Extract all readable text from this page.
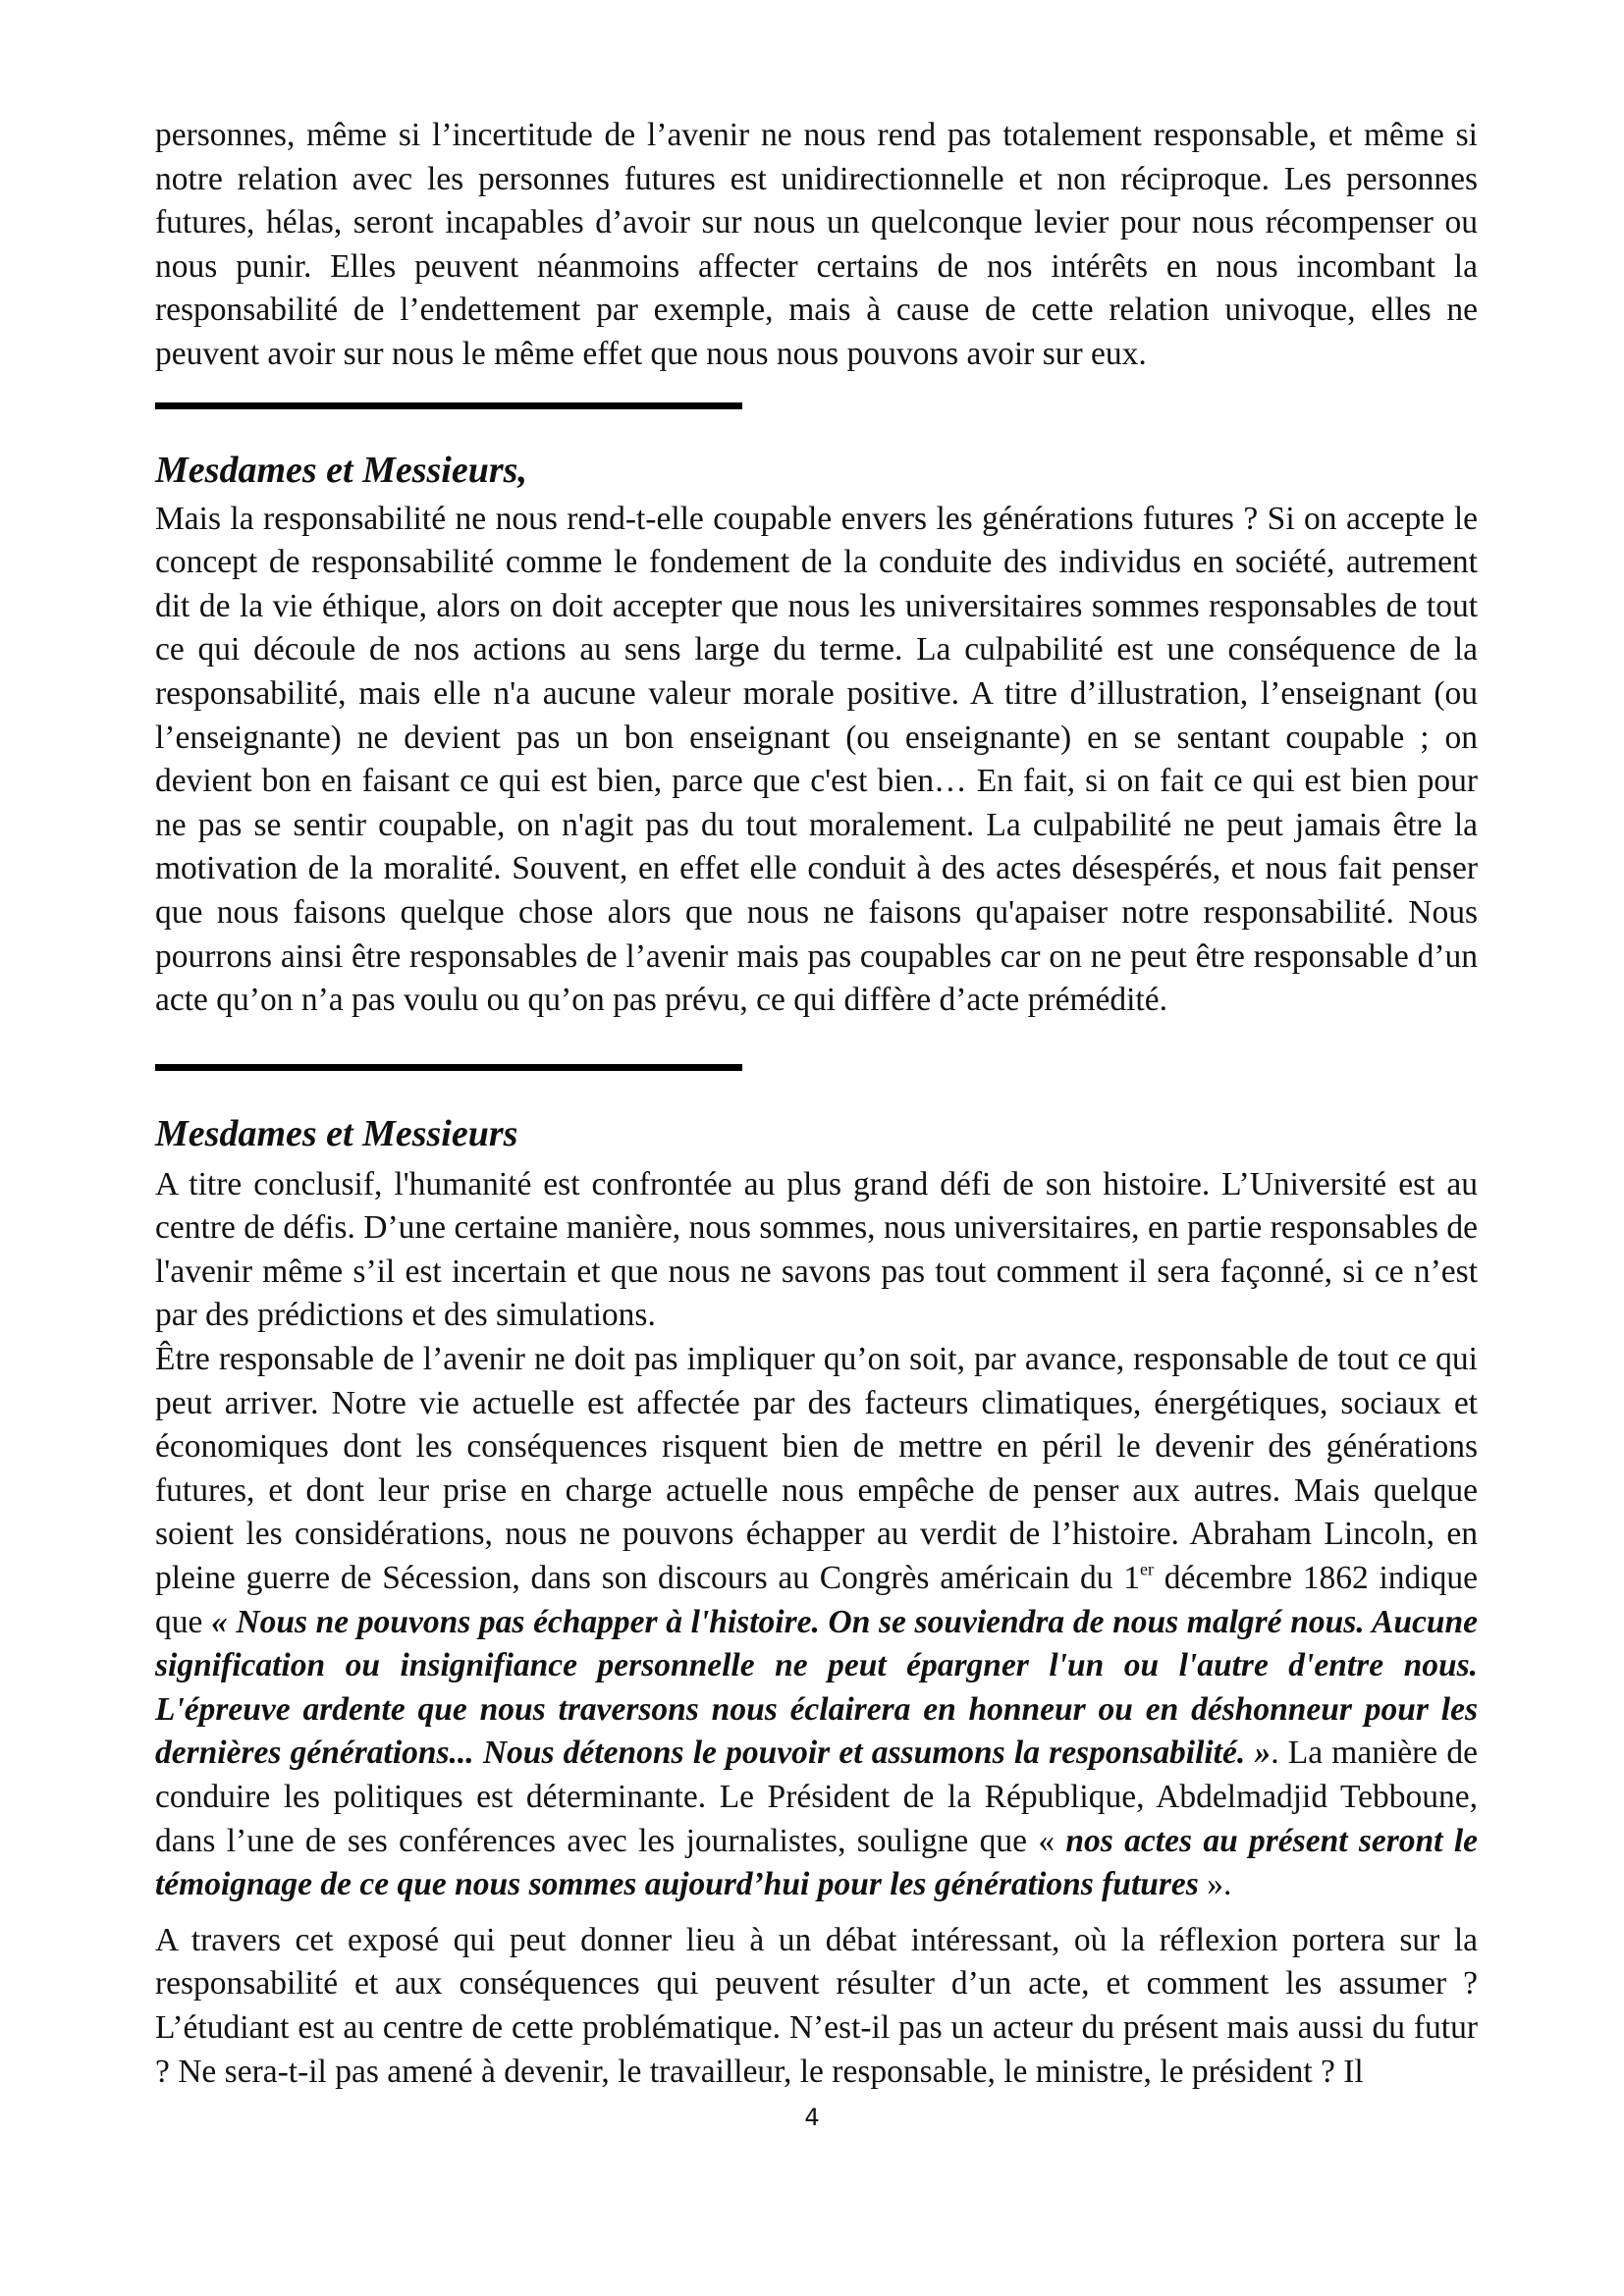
personnes, même si l’incertitude de l’avenir ne nous rend pas totalement responsable, et même si notre relation avec les personnes futures est unidirectionnelle et non réciproque. Les personnes futures, hélas, seront incapables d’avoir sur nous un quelconque levier pour nous récompenser ou nous punir. Elles peuvent néanmoins affecter certains de nos intérêts en nous incombant la responsabilité de l’endettement par exemple, mais à cause de cette relation univoque, elles ne peuvent avoir sur nous le même effet que nous nous pouvons avoir sur eux.

Mesdames et Messieurs,

Mais la responsabilité ne nous rend-t-elle coupable envers les générations futures ? Si on accepte le concept de responsabilité comme le fondement de la conduite des individus en société, autrement dit de la vie éthique, alors on doit accepter que nous les universitaires sommes responsables de tout ce qui découle de nos actions au sens large du terme. La culpabilité est une conséquence de la responsabilité, mais elle n'a aucune valeur morale positive. A titre d’illustration, l’enseignant (ou l’enseignante) ne devient pas un bon enseignant (ou enseignante) en se sentant coupable ; on devient bon en faisant ce qui est bien, parce que c'est bien… En fait, si on fait ce qui est bien pour ne pas se sentir coupable, on n'agit pas du tout moralement. La culpabilité ne peut jamais être la motivation de la moralité. Souvent, en effet elle conduit à des actes désespérés, et nous fait penser que nous faisons quelque chose alors que nous ne faisons qu'apaiser notre responsabilité. Nous pourrons ainsi être responsables de l’avenir mais pas coupables car on ne peut être responsable d’un acte qu’on n’a pas voulu ou qu’on pas prévu, ce qui diffère d’acte prémédité.

Mesdames et Messieurs

A titre conclusif, l'humanité est confrontée au plus grand défi de son histoire. L’Université est au centre de défis. D’une certaine manière, nous sommes, nous universitaires, en partie responsables de l'avenir même s’il est incertain et que nous ne savons pas tout comment il sera façonné, si ce n’est par des prédictions et des simulations.

Être responsable de l’avenir ne doit pas impliquer qu’on soit, par avance, responsable de tout ce qui peut arriver. Notre vie actuelle est affectée par des facteurs climatiques, énergétiques, sociaux et économiques dont les conséquences risquent bien de mettre en péril le devenir des générations futures, et dont leur prise en charge actuelle nous empêche de penser aux autres. Mais quelque soient les considérations, nous ne pouvons échapper au verdit de l’histoire. Abraham Lincoln, en pleine guerre de Sécession, dans son discours au Congrès américain du 1er décembre 1862 indique que « Nous ne pouvons pas échapper à l'histoire. On se souviendra de nous malgré nous. Aucune signification ou insignifiance personnelle ne peut épargner l'un ou l'autre d'entre nous. L'épreuve ardente que nous traversons nous éclairera en honneur ou en déshonneur pour les dernières générations... Nous détenons le pouvoir et assumons la responsabilité. ». La manière de conduire les politiques est déterminante. Le Président de la République, Abdelmadjid Tebboune, dans l’une de ses conférences avec les journalistes, souligne que « nos actes au présent seront le témoignage de ce que nous sommes aujourd’hui pour les générations futures ».

A travers cet exposé qui peut donner lieu à un débat intéressant, où la réflexion portera sur la responsabilité et aux conséquences qui peuvent résulter d’un acte, et comment les assumer ? L’étudiant est au centre de cette problématique. N’est-il pas un acteur du présent mais aussi du futur ? Ne sera-t-il pas amené à devenir, le travailleur, le responsable, le ministre, le président ? Il

4
